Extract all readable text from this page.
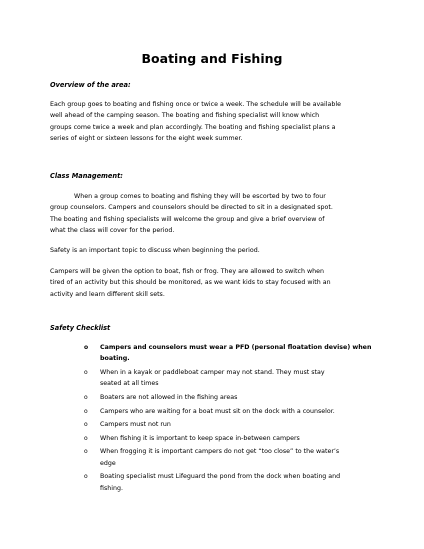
Boating and Fishing
Overview of the area:
Each group goes to boating and fishing once or twice a week. The schedule will be available
well ahead of the camping season. The boating and fishing specialist will know which
groups come twice a week and plan accordingly. The boating and fishing specialist plans a
series of eight or sixteen lessons for the eight week summer.
Class Management:
When a group comes to boating and fishing they will be escorted by two to four
group counselors. Campers and counselors should be directed to sit in a designated spot.
The boating and fishing specialists will welcome the group and give a brief overview of
what the class will cover for the period.
Safety is an important topic to discuss when beginning the period.
Campers will be given the option to boat, fish or frog. They are allowed to switch when
tired of an activity but this should be monitored, as we want kids to stay focused with an
activity and learn different skill sets.
Safety Checklist
o Campers and counselors must wear a PFD (personal floatation devise) when
boating.
o When in a kayak or paddleboat camper may not stand. They must stay
seated at all times
o Boaters are not allowed in the fishing areas
o Campers who are waiting for a boat must sit on the dock with a counselor.
o Campers must not run
o When fishing it is important to keep space in-between campers
o When frogging it is important campers do not get “too close” to the water’s
edge
o Boating specialist must Lifeguard the pond from the dock when boating and
fishing.
